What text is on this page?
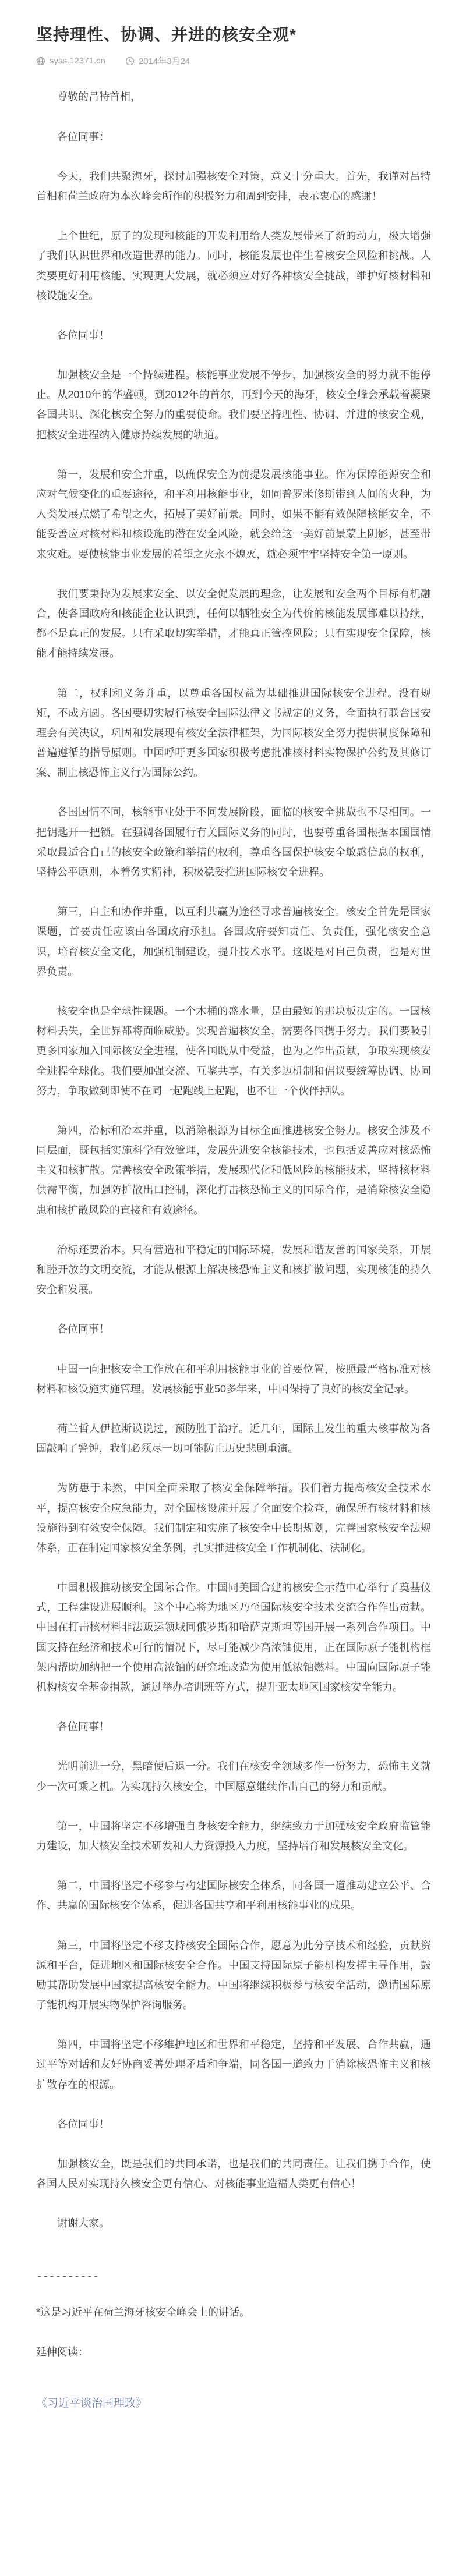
坚持理性、协调、并进的核安全观*
syss.12371.cn	2014年3月24

尊敬的吕特首相，

各位同事：

今天，我们共聚海牙，探讨加强核安全对策，意义十分重大。首先，我谨对吕特首相和荷兰政府为本次峰会所作的积极努力和周到安排，表示衷心的感谢！

上个世纪，原子的发现和核能的开发利用给人类发展带来了新的动力，极大增强了我们认识世界和改造世界的能力。同时，核能发展也伴生着核安全风险和挑战。人类要更好利用核能、实现更大发展，就必须应对好各种核安全挑战，维护好核材料和核设施安全。

各位同事！

加强核安全是一个持续进程。核能事业发展不停步，加强核安全的努力就不能停止。从2010年的华盛顿，到2012年的首尔，再到今天的海牙，核安全峰会承载着凝聚各国共识、深化核安全努力的重要使命。我们要坚持理性、协调、并进的核安全观，把核安全进程纳入健康持续发展的轨道。

第一，发展和安全并重，以确保安全为前提发展核能事业。作为保障能源安全和应对气候变化的重要途径，和平利用核能事业，如同普罗米修斯带到人间的火种，为人类发展点燃了希望之火，拓展了美好前景。同时，如果不能有效保障核能安全，不能妥善应对核材料和核设施的潜在安全风险，就会给这一美好前景蒙上阴影，甚至带来灾难。要使核能事业发展的希望之火永不熄灭，就必须牢牢坚持安全第一原则。

我们要秉持为发展求安全、以安全促发展的理念，让发展和安全两个目标有机融合，使各国政府和核能企业认识到，任何以牺牲安全为代价的核能发展都难以持续，都不是真正的发展。只有采取切实举措，才能真正管控风险；只有实现安全保障，核能才能持续发展。

第二，权利和义务并重，以尊重各国权益为基础推进国际核安全进程。没有规矩，不成方圆。各国要切实履行核安全国际法律文书规定的义务，全面执行联合国安理会有关决议，巩固和发展现有核安全法律框架，为国际核安全努力提供制度保障和普遍遵循的指导原则。中国呼吁更多国家积极考虑批准核材料实物保护公约及其修订案、制止核恐怖主义行为国际公约。

各国国情不同，核能事业处于不同发展阶段，面临的核安全挑战也不尽相同。一把钥匙开一把锁。在强调各国履行有关国际义务的同时，也要尊重各国根据本国国情采取最适合自己的核安全政策和举措的权利，尊重各国保护核安全敏感信息的权利，坚持公平原则，本着务实精神，积极稳妥推进国际核安全进程。

第三，自主和协作并重，以互利共赢为途径寻求普遍核安全。核安全首先是国家课题，首要责任应该由各国政府承担。各国政府要知责任、负责任，强化核安全意识，培育核安全文化，加强机制建设，提升技术水平。这既是对自己负责，也是对世界负责。

核安全也是全球性课题。一个木桶的盛水量，是由最短的那块板决定的。一国核材料丢失，全世界都将面临威胁。实现普遍核安全，需要各国携手努力。我们要吸引更多国家加入国际核安全进程，使各国既从中受益，也为之作出贡献，争取实现核安全进程全球化。我们要加强交流、互鉴共享，有关多边机制和倡议要统筹协调、协同努力，争取做到即使不在同一起跑线上起跑，也不让一个伙伴掉队。

第四，治标和治本并重，以消除根源为目标全面推进核安全努力。核安全涉及不同层面，既包括实施科学有效管理，发展先进安全核能技术，也包括妥善应对核恐怖主义和核扩散。完善核安全政策举措，发展现代化和低风险的核能技术，坚持核材料供需平衡，加强防扩散出口控制，深化打击核恐怖主义的国际合作，是消除核安全隐患和核扩散风险的直接和有效途径。

治标还要治本。只有营造和平稳定的国际环境，发展和谐友善的国家关系，开展和睦开放的文明交流，才能从根源上解决核恐怖主义和核扩散问题，实现核能的持久安全和发展。

各位同事！

中国一向把核安全工作放在和平利用核能事业的首要位置，按照最严格标准对核材料和核设施实施管理。发展核能事业50多年来，中国保持了良好的核安全记录。

荷兰哲人伊拉斯谟说过，预防胜于治疗。近几年，国际上发生的重大核事故为各国敲响了警钟，我们必须尽一切可能防止历史悲剧重演。

为防患于未然，中国全面采取了核安全保障举措。我们着力提高核安全技术水平，提高核安全应急能力，对全国核设施开展了全面安全检查，确保所有核材料和核设施得到有效安全保障。我们制定和实施了核安全中长期规划，完善国家核安全法规体系，正在制定国家核安全条例，扎实推进核安全工作机制化、法制化。

中国积极推动核安全国际合作。中国同美国合建的核安全示范中心举行了奠基仪式，工程建设进展顺利。这个中心将为地区乃至国际核安全技术交流合作作出贡献。中国在打击核材料非法贩运领域同俄罗斯和哈萨克斯坦等国开展一系列合作项目。中国支持在经济和技术可行的情况下，尽可能减少高浓铀使用，正在国际原子能机构框架内帮助加纳把一个使用高浓铀的研究堆改造为使用低浓铀燃料。中国向国际原子能机构核安全基金捐款，通过举办培训班等方式，提升亚太地区国家核安全能力。

各位同事！

光明前进一分，黑暗便后退一分。我们在核安全领域多作一份努力，恐怖主义就少一次可乘之机。为实现持久核安全，中国愿意继续作出自己的努力和贡献。

第一，中国将坚定不移增强自身核安全能力，继续致力于加强核安全政府监管能力建设，加大核安全技术研发和人力资源投入力度，坚持培育和发展核安全文化。

第二，中国将坚定不移参与构建国际核安全体系，同各国一道推动建立公平、合作、共赢的国际核安全体系，促进各国共享和平利用核能事业的成果。

第三，中国将坚定不移支持核安全国际合作，愿意为此分享技术和经验，贡献资源和平台，促进地区和国际核安全合作。中国支持国际原子能机构发挥主导作用，鼓励其帮助发展中国家提高核安全能力。中国将继续积极参与核安全活动，邀请国际原子能机构开展实物保护咨询服务。

第四，中国将坚定不移维护地区和世界和平稳定，坚持和平发展、合作共赢，通过平等对话和友好协商妥善处理矛盾和争端，同各国一道致力于消除核恐怖主义和核扩散存在的根源。

各位同事！

加强核安全，既是我们的共同承诺，也是我们的共同责任。让我们携手合作，使各国人民对实现持久核安全更有信心、对核能事业造福人类更有信心！

谢谢大家。

----------

*这是习近平在荷兰海牙核安全峰会上的讲话。

延伸阅读：

《习近平谈治国理政》
